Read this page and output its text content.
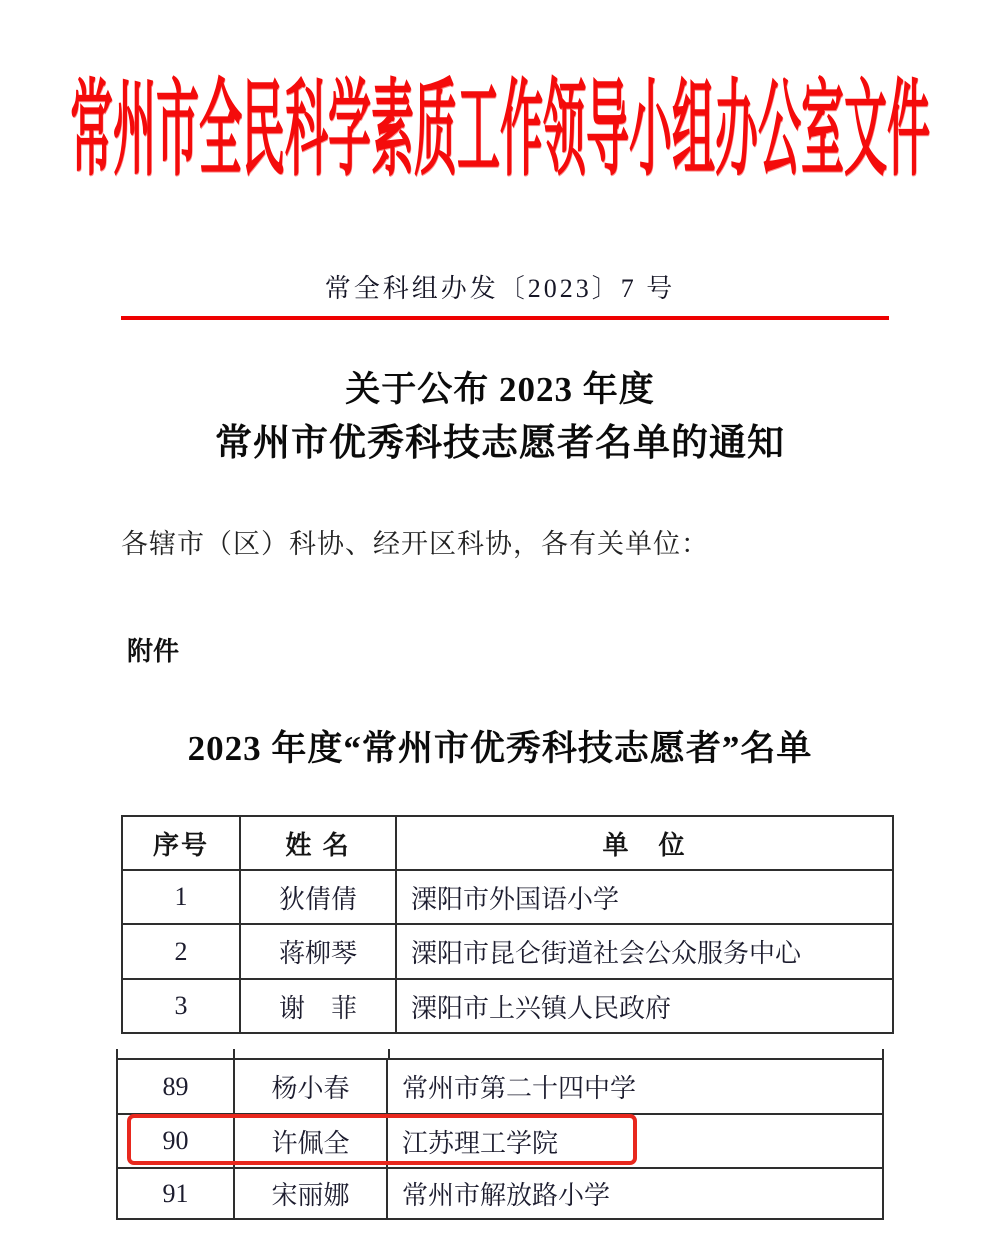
常州市全民科学素质工作领导小组办公室文件
常全科组办发〔2023〕7 号
关于公布 2023 年度
常州市优秀科技志愿者名单的通知
各辖市（区）科协、经开区科协，各有关单位：
附件
2023 年度“常州市优秀科技志愿者”名单
序号	姓 名	单　位
1	狄倩倩	溧阳市外国语小学
2	蒋柳琴	溧阳市昆仑街道社会公众服务中心
3	谢　菲	溧阳市上兴镇人民政府
89	杨小春	常州市第二十四中学
90	许佩全	江苏理工学院
91	宋丽娜	常州市解放路小学
